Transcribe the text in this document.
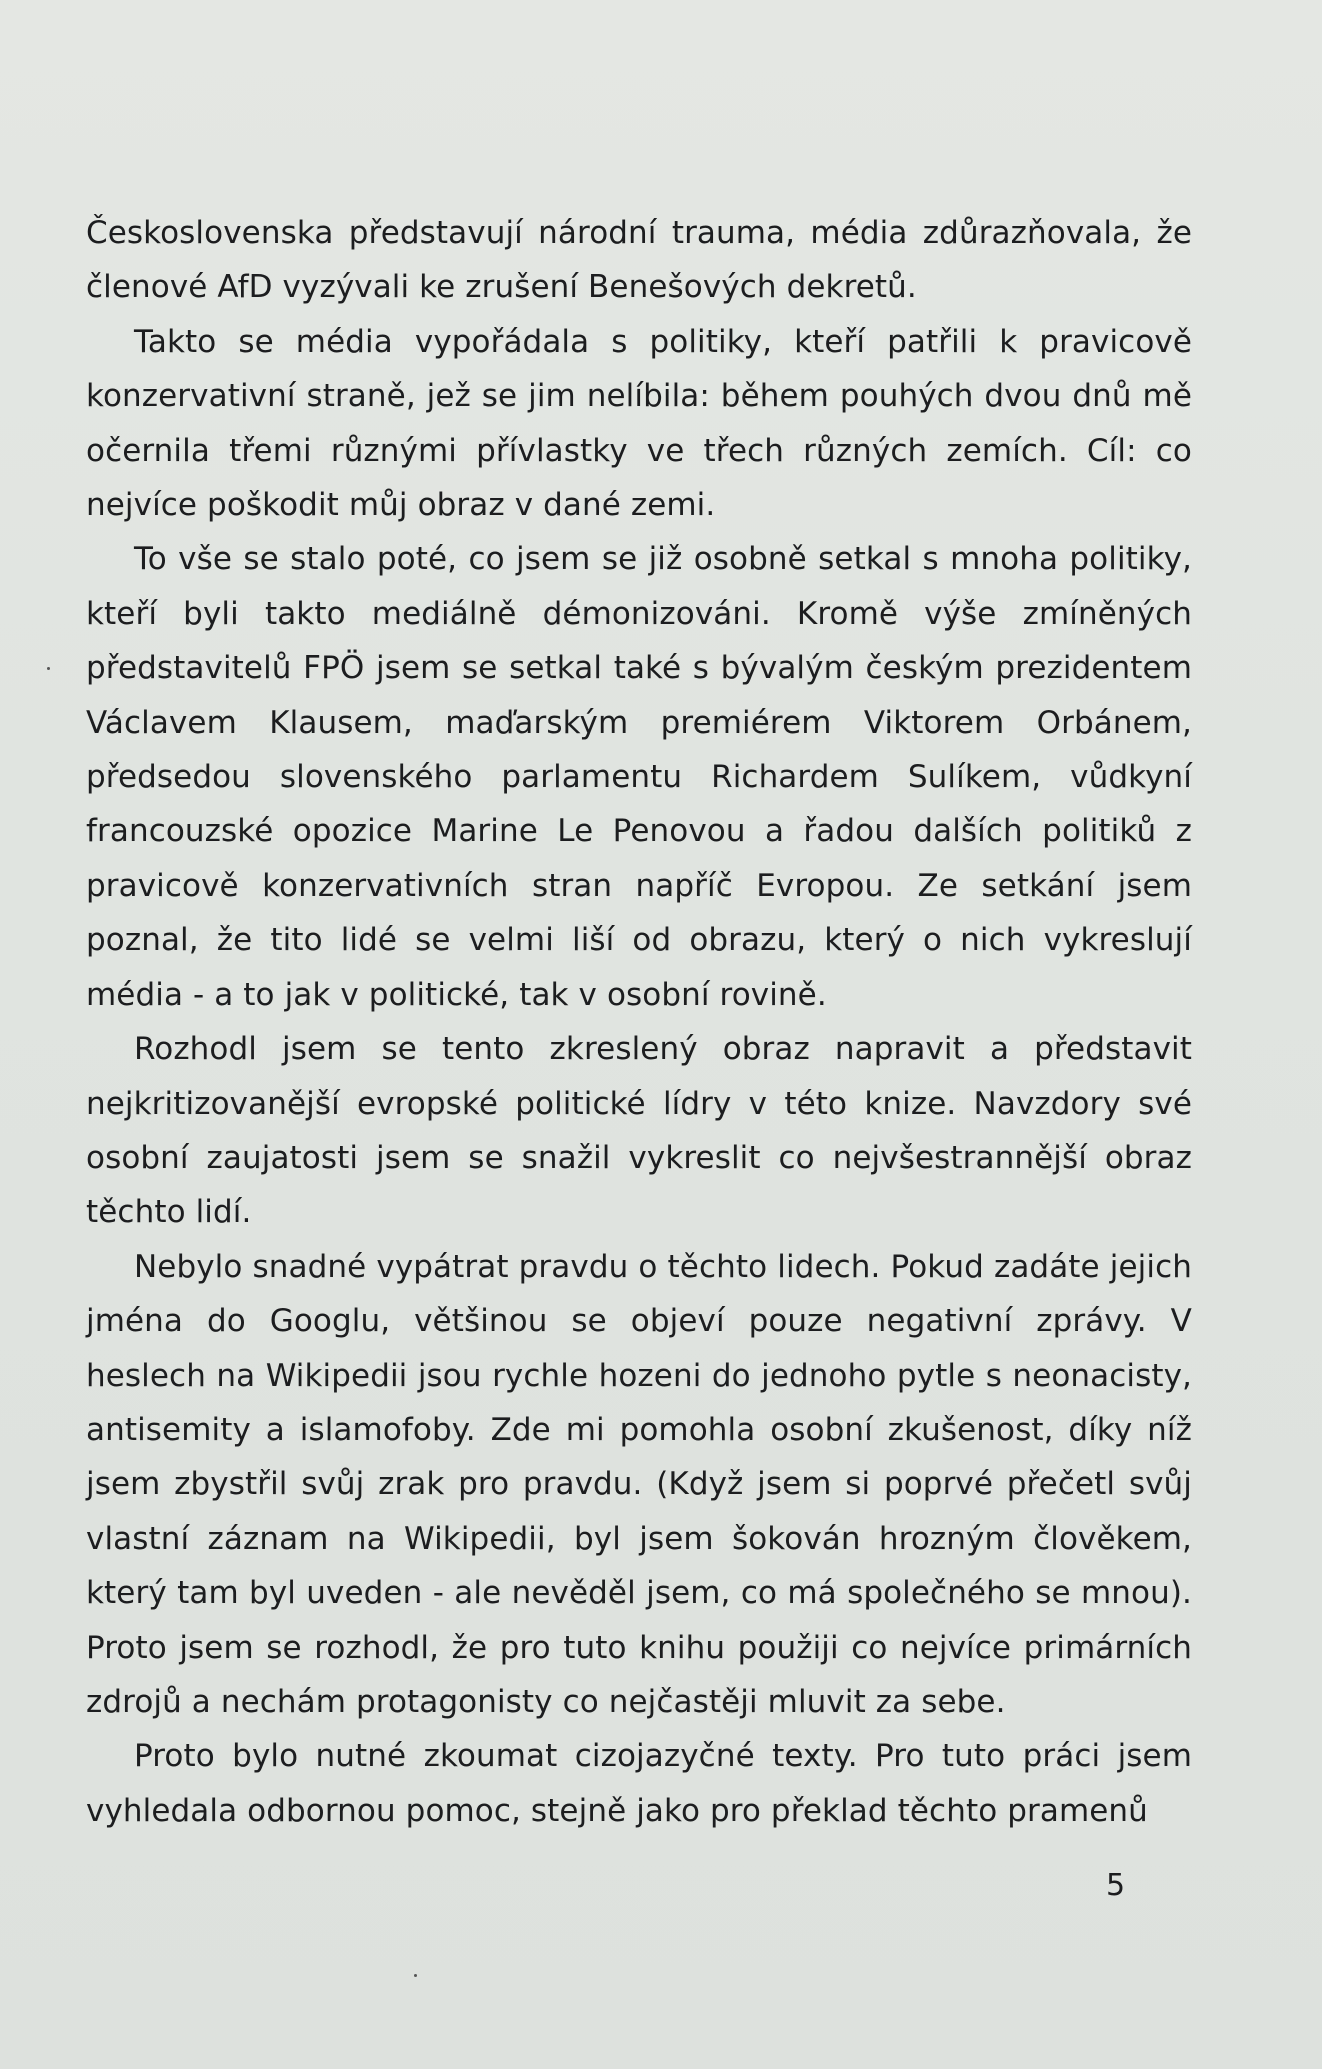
Československa představují národní trauma, média zdůrazňovala, že členové AfD vyzývali ke zrušení Benešových dekretů.

Takto se média vypořádala s politiky, kteří patřili k pravicově konzervativní straně, jež se jim nelíbila: během pouhých dvou dnů mě očernila třemi různými přívlastky ve třech různých zemích. Cíl: co nejvíce poškodit můj obraz v dané zemi.

To vše se stalo poté, co jsem se již osobně setkal s mnoha politiky, kteří byli takto mediálně démonizováni. Kromě výše zmíněných představitelů FPÖ jsem se setkal také s bývalým českým prezidentem Václavem Klausem, maďarským premiérem Viktorem Orbánem, předsedou slovenského parlamentu Richardem Sulíkem, vůdkyní francouzské opozice Marine Le Penovou a řadou dalších politiků z pravicově konzervativních stran napříč Evropou. Ze setkání jsem poznal, že tito lidé se velmi liší od obrazu, který o nich vykreslují média - a to jak v politické, tak v osobní rovině.

Rozhodl jsem se tento zkreslený obraz napravit a představit nejkritizovanější evropské politické lídry v této knize. Navzdory své osobní zaujatosti jsem se snažil vykreslit co nejvšestrannější obraz těchto lidí.

Nebylo snadné vypátrat pravdu o těchto lidech. Pokud zadáte jejich jména do Googlu, většinou se objeví pouze negativní zprávy. V heslech na Wikipedii jsou rychle hozeni do jednoho pytle s neonacisty, antisemity a islamofoby. Zde mi pomohla osobní zkušenost, díky níž jsem zbystřil svůj zrak pro pravdu. (Když jsem si poprvé přečetl svůj vlastní záznam na Wikipedii, byl jsem šokován hrozným člověkem, který tam byl uveden - ale nevěděl jsem, co má společného se mnou). Proto jsem se rozhodl, že pro tuto knihu použiji co nejvíce primárních zdrojů a nechám protagonisty co nejčastěji mluvit za sebe.

Proto bylo nutné zkoumat cizojazyčné texty. Pro tuto práci jsem vyhledala odbornou pomoc, stejně jako pro překlad těchto pramenů

5
